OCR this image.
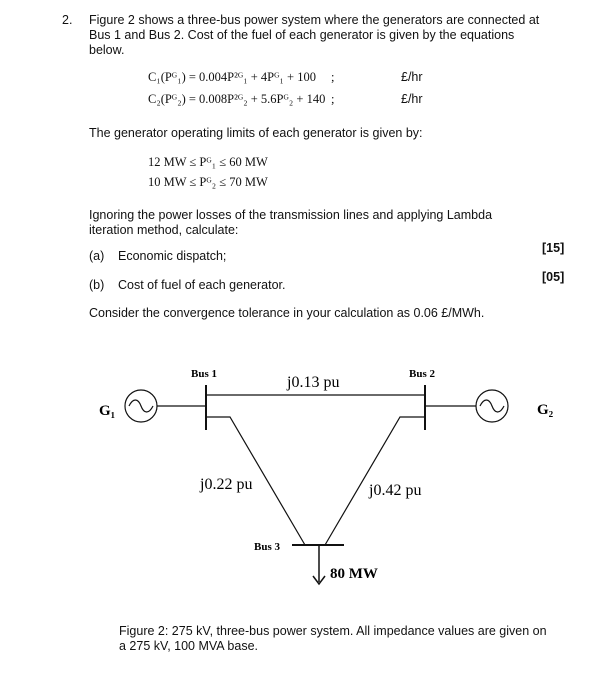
2. Figure 2 shows a three-bus power system where the generators are connected at Bus 1 and Bus 2. Cost of the fuel of each generator is given by the equations below.
C₁(Pᴳ₁) = 0.004P²ᴳ₁ + 4Pᴳ₁ + 100 ;	£/hr
C₂(Pᴳ₂) = 0.008P²ᴳ₂ + 5.6Pᴳ₂ + 140 ;	£/hr
The generator operating limits of each generator is given by:
12 MW ≤ Pᴳ₁ ≤ 60 MW
10 MW ≤ Pᴳ₂ ≤ 70 MW
Ignoring the power losses of the transmission lines and applying Lambda iteration method, calculate:
(a) Economic dispatch;
[15]
(b) Cost of fuel of each generator.
[05]
Consider the convergence tolerance in your calculation as 0.06 £/MWh.
G₁
Bus 1	j0.13 pu	Bus 2
G₂
j0.22 pu	j0.42 pu
Bus 3
80 MW
Figure 2: 275 kV, three-bus power system. All impedance values are given on a 275 kV, 100 MVA base.
